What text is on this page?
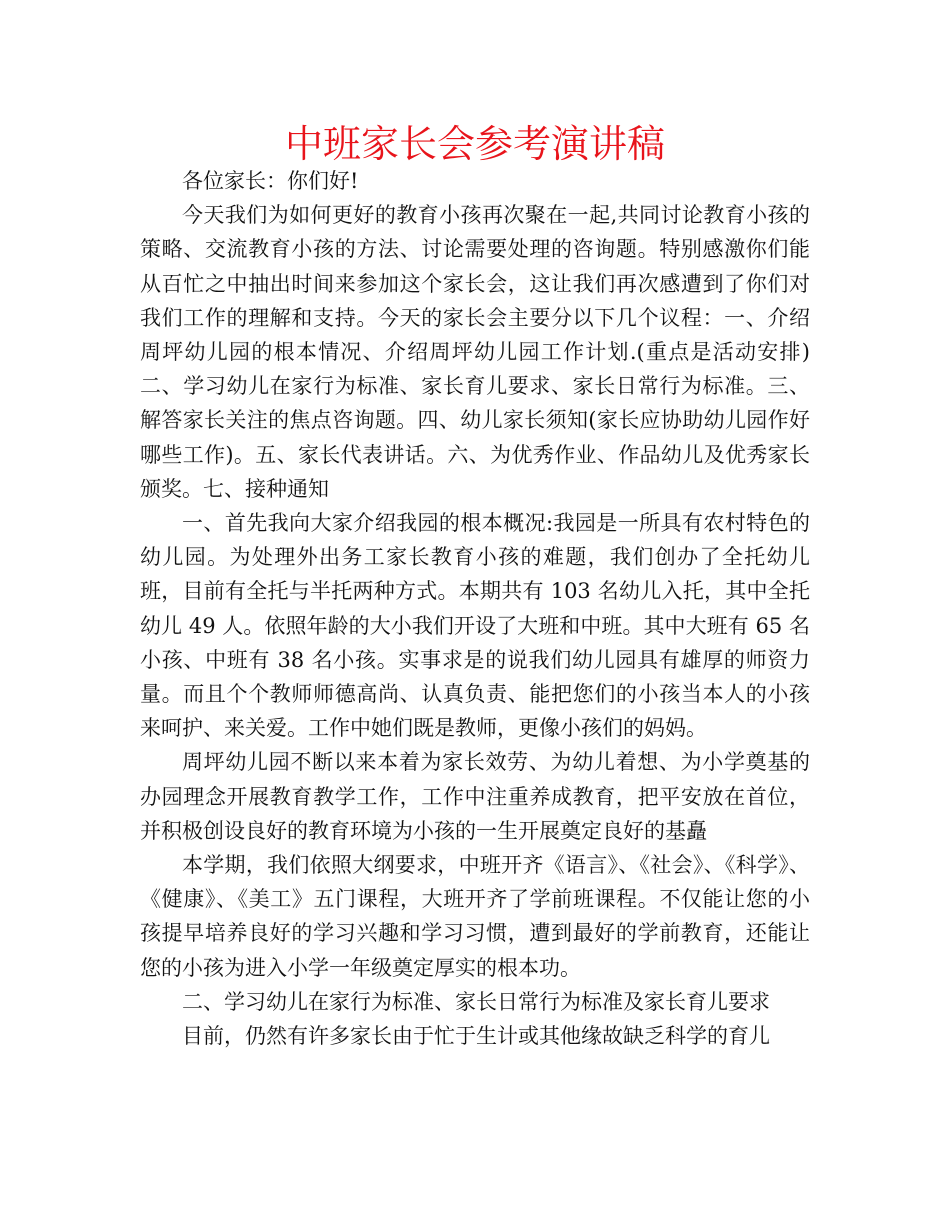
中班家长会参考演讲稿

各位家长：你们好!

今天我们为如何更好的教育小孩再次聚在一起,共同讨论教育小孩的策略、交流教育小孩的方法、讨论需要处理的咨询题。特别感激你们能从百忙之中抽出时间来参加这个家长会，这让我们再次感遭到了你们对我们工作的理解和支持。今天的家长会主要分以下几个议程：一、介绍周坪幼儿园的根本情况、介绍周坪幼儿园工作计划.(重点是活动安排)二、学习幼儿在家行为标准、家长育儿要求、家长日常行为标准。三、解答家长关注的焦点咨询题。四、幼儿家长须知(家长应协助幼儿园作好哪些工作)。五、家长代表讲话。六、为优秀作业、作品幼儿及优秀家长颁奖。七、接种通知

一、首先我向大家介绍我园的根本概况:我园是一所具有农村特色的幼儿园。为处理外出务工家长教育小孩的难题，我们创办了全托幼儿班，目前有全托与半托两种方式。本期共有 103 名幼儿入托，其中全托幼儿 49 人。依照年龄的大小我们开设了大班和中班。其中大班有 65 名小孩、中班有 38 名小孩。实事求是的说我们幼儿园具有雄厚的师资力量。而且个个教师师德高尚、认真负责、能把您们的小孩当本人的小孩来呵护、来关爱。工作中她们既是教师，更像小孩们的妈妈。

周坪幼儿园不断以来本着为家长效劳、为幼儿着想、为小学奠基的办园理念开展教育教学工作，工作中注重养成教育，把平安放在首位，并积极创设良好的教育环境为小孩的一生开展奠定良好的基矗

本学期，我们依照大纲要求，中班开齐《语言》、《社会》、《科学》、《健康》、《美工》五门课程，大班开齐了学前班课程。不仅能让您的小孩提早培养良好的学习兴趣和学习习惯，遭到最好的学前教育，还能让您的小孩为进入小学一年级奠定厚实的根本功。

二、学习幼儿在家行为标准、家长日常行为标准及家长育儿要求

目前，仍然有许多家长由于忙于生计或其他缘故缺乏科学的育儿
